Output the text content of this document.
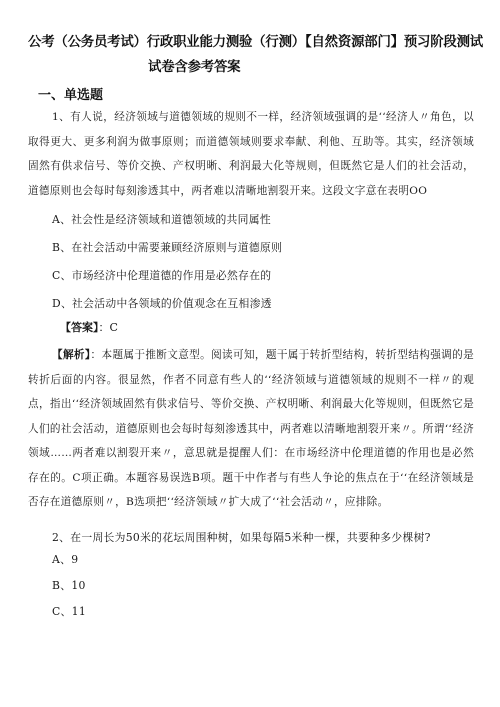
公考（公务员考试）行政职业能力测验（行测）【自然资源部门】预习阶段测试
试卷含参考答案
一、单选题
1、有人说，经济领域与道德领域的规则不一样，经济领域强调的是‘‘经济人〃角色，以取得更大、更多利润为做事原则；而道德领域则要求奉献、利他、互助等。其实，经济领域固然有供求信号、等价交换、产权明晰、利润最大化等规则，但既然它是人们的社会活动，道德原则也会每时每刻渗透其中，两者难以清晰地割裂开来。这段文字意在表明OO
A、社会性是经济领域和道德领域的共同属性
B、在社会活动中需要兼顾经济原则与道德原则
C、市场经济中伦理道德的作用是必然存在的
D、社会活动中各领域的价值观念在互相渗透
【答案】：C
【解析】：本题属于推断文意型。阅读可知，题干属于转折型结构，转折型结构强调的是转折后面的内容。很显然，作者不同意有些人的‘‘经济领域与道德领域的规则不一样〃的观点，指出‘‘经济领域固然有供求信号、等价交换、产权明晰、利润最大化等规则，但既然它是人们的社会活动，道德原则也会每时每刻渗透其中，两者难以清晰地割裂开来〃。所谓‘‘经济领域……两者难以割裂开来〃，意思就是提醒人们：在市场经济中伦理道德的作用也是必然存在的。C项正确。本题容易误选B项。题干中作者与有些人争论的焦点在于‘‘在经济领域是否存在道德原则〃，B选项把‘‘经济领域〃扩大成了‘‘社会活动〃，应排除。
2、在一周长为50米的花坛周围种树，如果每隔5米种一棵，共要种多少棵树?
A、9
B、10
C、11
